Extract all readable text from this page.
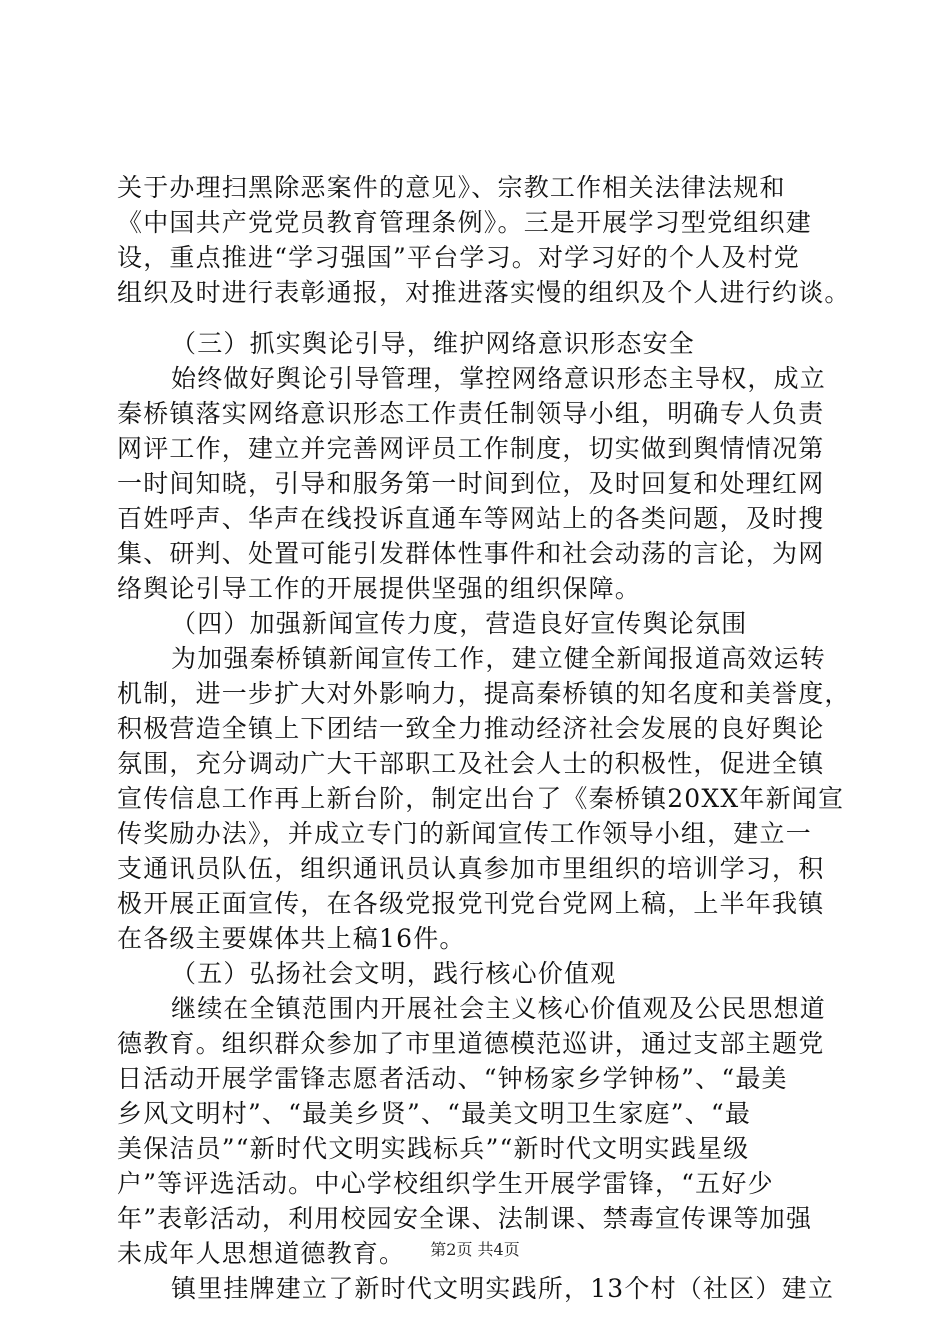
关于办理扫黑除恶案件的意见》、宗教工作相关法律法规和
《中国共产党党员教育管理条例》。三是开展学习型党组织建
设，重点推进“学习强国”平台学习。对学习好的个人及村党
组织及时进行表彰通报，对推进落实慢的组织及个人进行约谈。
（三）抓实舆论引导，维护网络意识形态安全
始终做好舆论引导管理，掌控网络意识形态主导权，成立
秦桥镇落实网络意识形态工作责任制领导小组，明确专人负责
网评工作，建立并完善网评员工作制度，切实做到舆情情况第
一时间知晓，引导和服务第一时间到位，及时回复和处理红网
百姓呼声、华声在线投诉直通车等网站上的各类问题，及时搜
集、研判、处置可能引发群体性事件和社会动荡的言论，为网
络舆论引导工作的开展提供坚强的组织保障。
（四）加强新闻宣传力度，营造良好宣传舆论氛围
为加强秦桥镇新闻宣传工作，建立健全新闻报道高效运转
机制，进一步扩大对外影响力，提高秦桥镇的知名度和美誉度，
积极营造全镇上下团结一致全力推动经济社会发展的良好舆论
氛围，充分调动广大干部职工及社会人士的积极性，促进全镇
宣传信息工作再上新台阶，制定出台了《秦桥镇20XX年新闻宣
传奖励办法》，并成立专门的新闻宣传工作领导小组，建立一
支通讯员队伍，组织通讯员认真参加市里组织的培训学习，积
极开展正面宣传，在各级党报党刊党台党网上稿，上半年我镇
在各级主要媒体共上稿16件。
（五）弘扬社会文明，践行核心价值观
继续在全镇范围内开展社会主义核心价值观及公民思想道
德教育。组织群众参加了市里道德模范巡讲，通过支部主题党
日活动开展学雷锋志愿者活动、“钟杨家乡学钟杨”、“最美
乡风文明村”、“最美乡贤”、“最美文明卫生家庭”、“最
美保洁员”“新时代文明实践标兵”“新时代文明实践星级
户”等评选活动。中心学校组织学生开展学雷锋，“五好少
年”表彰活动，利用校园安全课、法制课、禁毒宣传课等加强
未成年人思想道德教育。
镇里挂牌建立了新时代文明实践所，13个村（社区）建立
第2页 共4页
